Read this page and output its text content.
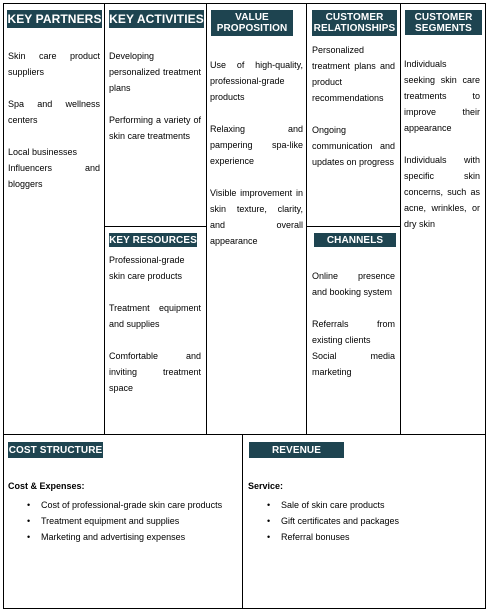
KEY PARTNERS

Skin care product suppliers

Spa and wellness centers

Local businesses

Influencers and bloggers

KEY ACTIVITIES

Developing personalized treatment plans

Performing a variety of skin care treatments

KEY RESOURCES

Professional-grade skin care products

Treatment equipment and supplies

Comfortable and inviting treatment space

VALUE
PROPOSITION

Use of high-quality, professional-grade products

Relaxing and pampering spa-like experience

Visible improvement in skin texture, clarity, and overall appearance

CUSTOMER
RELATIONSHIPS

Personalized treatment plans and product recommendations

Ongoing communication and updates on progress

CHANNELS

Online presence and booking system

Referrals from existing clients

Social media marketing

CUSTOMER
SEGMENTS

Individuals seeking skin care treatments to improve their appearance

Individuals with specific skin concerns, such as acne, wrinkles, or dry skin

COST STRUCTURE
Cost & Expenses:
• Cost of professional-grade skin care products
• Treatment equipment and supplies
• Marketing and advertising expenses
REVENUE
Service:
• Sale of skin care products
• Gift certificates and packages
• Referral bonuses
